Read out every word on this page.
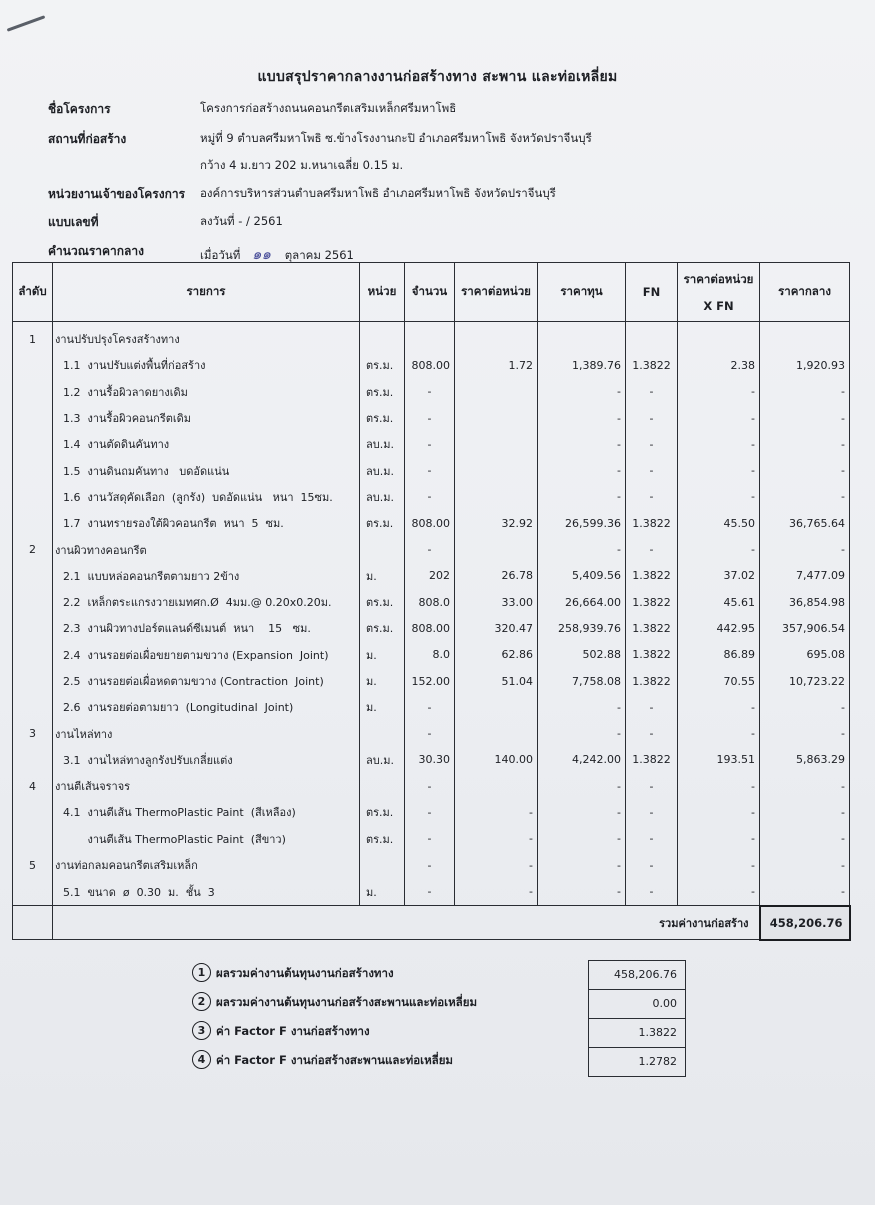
แบบสรุปราคากลางงานก่อสร้างทาง สะพาน และท่อเหลี่ยม
ชื่อโครงการ	โครงการก่อสร้างถนนคอนกรีตเสริมเหล็กศรีมหาโพธิ
สถานที่ก่อสร้าง	หมู่ที่ 9 ตำบลศรีมหาโพธิ ซ.ข้างโรงงานกะปิ อำเภอศรีมหาโพธิ จังหวัดปราจีนบุรี
กว้าง 4 ม.ยาว 202 ม.หนาเฉลี่ย 0.15 ม.
หน่วยงานเจ้าของโครงการ องค์การบริหารส่วนตำบลศรีมหาโพธิ อำเภอศรีมหาโพธิ จังหวัดปราจีนบุรี
แบบเลขที่	ลงวันที่ - / 2561
คำนวณราคากลาง	เมื่อวันที่ ๑๑ ตุลาคม 2561
ลำดับ	รายการ	หน่วย	จำนวน	ราคาต่อหน่วย	ราคาทุน	FN	ราคาต่อหน่วย
X FN	ราคากลาง
1	งานปรับปรุงโครงสร้างทาง							
	1.1  งานปรับแต่งพื้นที่ก่อสร้าง	ตร.ม.	808.00	1.72	1,389.76	1.3822	2.38	1,920.93
	1.2  งานรื้อผิวลาดยางเดิม	ตร.ม.	-		-	-	-	-
	1.3  งานรื้อผิวคอนกรีตเดิม	ตร.ม.	-		-	-	-	-
	1.4  งานตัดดินคันทาง	ลบ.ม.	-		-	-	-	-
	1.5  งานดินถมคันทาง   บดอัดแน่น	ลบ.ม.	-		-	-	-	-
	1.6  งานวัสดุคัดเลือก  (ลูกรัง)  บดอัดแน่น   หนา  15ซม.	ลบ.ม.	-		-	-	-	-
	1.7  งานทรายรองใต้ผิวคอนกรีต  หนา  5  ซม.	ตร.ม.	808.00	32.92	26,599.36	1.3822	45.50	36,765.64
2	งานผิวทางคอนกรีต		-		-	-	-	-
	2.1  แบบหล่อคอนกรีตตามยาว 2ข้าง	ม.	202	26.78	5,409.56	1.3822	37.02	7,477.09
	2.2  เหล็กตระแกรงวายเมทศก.Ø  4มม.@ 0.20x0.20ม.	ตร.ม.	808.0	33.00	26,664.00	1.3822	45.61	36,854.98
	2.3  งานผิวทางปอร์ตแลนด์ซีเมนต์  หนา    15   ซม.	ตร.ม.	808.00	320.47	258,939.76	1.3822	442.95	357,906.54
	2.4  งานรอยต่อเผื่อขยายตามขวาง (Expansion  Joint)	ม.	8.0	62.86	502.88	1.3822	86.89	695.08
	2.5  งานรอยต่อเผื่อหดตามขวาง (Contraction  Joint)	ม.	152.00	51.04	7,758.08	1.3822	70.55	10,723.22
	2.6  งานรอยต่อตามยาว  (Longitudinal  Joint)	ม.	-		-	-	-	-
3	งานไหล่ทาง		-		-	-	-	-
	3.1  งานไหล่ทางลูกรังปรับเกลี่ยแต่ง	ลบ.ม.	30.30	140.00	4,242.00	1.3822	193.51	5,863.29
4	งานตีเส้นจราจร		-		-	-	-	-
	4.1  งานตีเส้น ThermoPlastic Paint  (สีเหลือง)	ตร.ม.	-	-	-	-	-	-
	งานตีเส้น ThermoPlastic Paint  (สีขาว)	ตร.ม.	-	-	-	-	-	-
5	งานท่อกลมคอนกรีตเสริมเหล็ก		-	-	-	-	-	-
	5.1  ขนาด  ø  0.30  ม.  ชั้น  3	ม.	-	-	-	-	-	-
	รวมค่างานก่อสร้าง							458,206.76
1 ผลรวมค่างานต้นทุนงานก่อสร้างทาง	458,206.76
2 ผลรวมค่างานต้นทุนงานก่อสร้างสะพานและท่อเหลี่ยม	0.00
3 ค่า Factor F งานก่อสร้างทาง	1.3822
4 ค่า Factor F งานก่อสร้างสะพานและท่อเหลี่ยม	1.2782
